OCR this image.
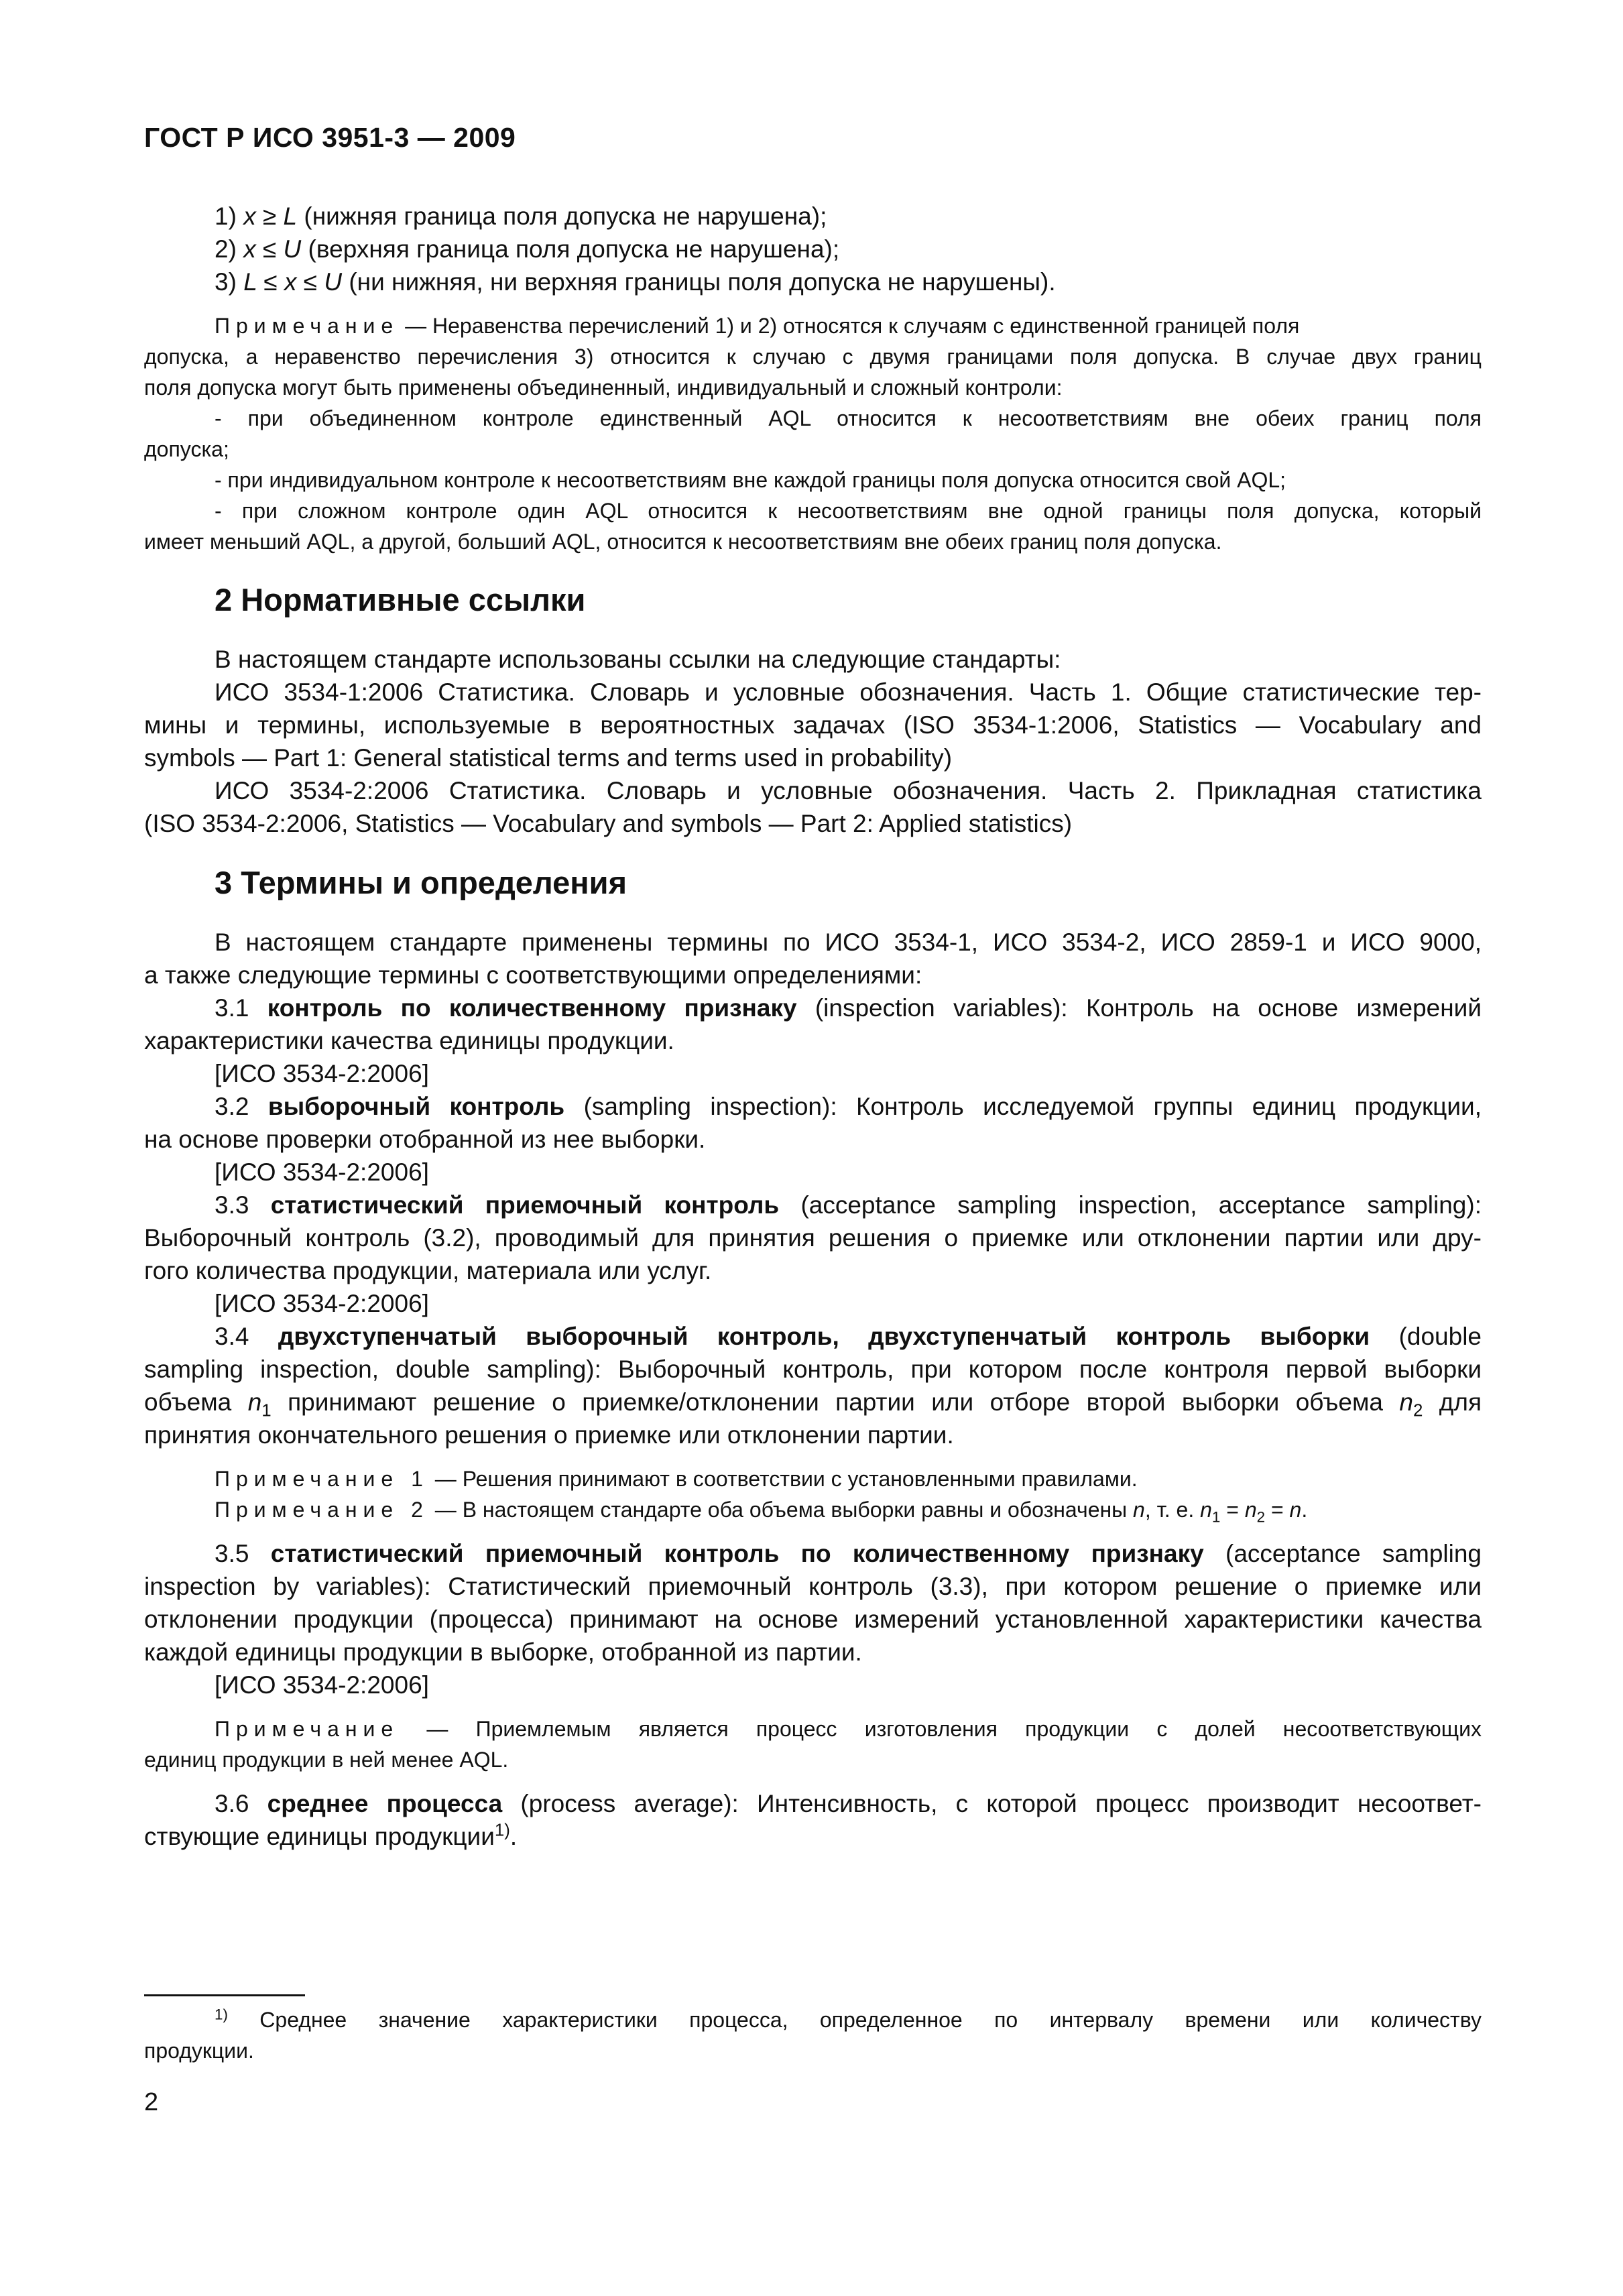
ГОСТ Р ИСО 3951-3 — 2009
1) x ≥ L (нижняя граница поля допуска не нарушена);
2) x ≤ U (верхняя граница поля допуска не нарушена);
3) L ≤ x ≤ U (ни нижняя, ни верхняя границы поля допуска не нарушены).
Примечание — Неравенства перечислений 1) и 2) относятся к случаям с единственной границей поля
допуска, а неравенство перечисления 3) относится к случаю с двумя границами поля допуска. В случае двух границ
поля допуска могут быть применены объединенный, индивидуальный и сложный контроли:
- при объединенном контроле единственный AQL относится к несоответствиям вне обеих границ поля
допуска;
- при индивидуальном контроле к несоответствиям вне каждой границы поля допуска относится свой AQL;
- при сложном контроле один AQL относится к несоответствиям вне одной границы поля допуска, который
имеет меньший AQL, а другой, больший AQL, относится к несоответствиям вне обеих границ поля допуска.
2 Нормативные ссылки
В настоящем стандарте использованы ссылки на следующие стандарты:
ИСО 3534-1:2006 Статистика. Словарь и условные обозначения. Часть 1. Общие статистические тер-
мины и термины, используемые в вероятностных задачах (ISO 3534-1:2006, Statistics — Vocabulary and
symbols — Part 1: General statistical terms and terms used in probability)
ИСО 3534-2:2006 Статистика. Словарь и условные обозначения. Часть 2. Прикладная статистика
(ISO 3534-2:2006, Statistics — Vocabulary and symbols — Part 2: Applied statistics)
3 Термины и определения
В настоящем стандарте применены термины по ИСО 3534-1, ИСО 3534-2, ИСО 2859-1 и ИСО 9000,
а также следующие термины с соответствующими определениями:
3.1 контроль по количественному признаку (inspection variables): Контроль на основе измерений
характеристики качества единицы продукции.
[ИСО 3534-2:2006]
3.2 выборочный контроль (sampling inspection): Контроль исследуемой группы единиц продукции,
на основе проверки отобранной из нее выборки.
[ИСО 3534-2:2006]
3.3 статистический приемочный контроль (acceptance sampling inspection, acceptance sampling):
Выборочный контроль (3.2), проводимый для принятия решения о приемке или отклонении партии или дру-
гого количества продукции, материала или услуг.
[ИСО 3534-2:2006]
3.4 двухступенчатый выборочный контроль, двухступенчатый контроль выборки (double
sampling inspection, double sampling): Выборочный контроль, при котором после контроля первой выборки
объема $n_1$ принимают решение о приемке/отклонении партии или отборе второй выборки объема $n_2$ для
принятия окончательного решения о приемке или отклонении партии.
Примечание 1 — Решения принимают в соответствии с установленными правилами.
Примечание 2 — В настоящем стандарте оба объема выборки равны и обозначены n, т. е. $n_1 = n_2 = n$.
3.5 статистический приемочный контроль по количественному признаку (acceptance sampling
inspection by variables): Статистический приемочный контроль (3.3), при котором решение о приемке или
отклонении продукции (процесса) принимают на основе измерений установленной характеристики качества
каждой единицы продукции в выборке, отобранной из партии.
[ИСО 3534-2:2006]
Примечание — Приемлемым является процесс изготовления продукции с долей несоответствующих
единиц продукции в ней менее AQL.
3.6 среднее процесса (process average): Интенсивность, с которой процесс производит несоответ-
ствующие единицы продукции$^{1)}$.
$^{1)}$ Среднее значение характеристики процесса, определенное по интервалу времени или количеству
продукции.
2
